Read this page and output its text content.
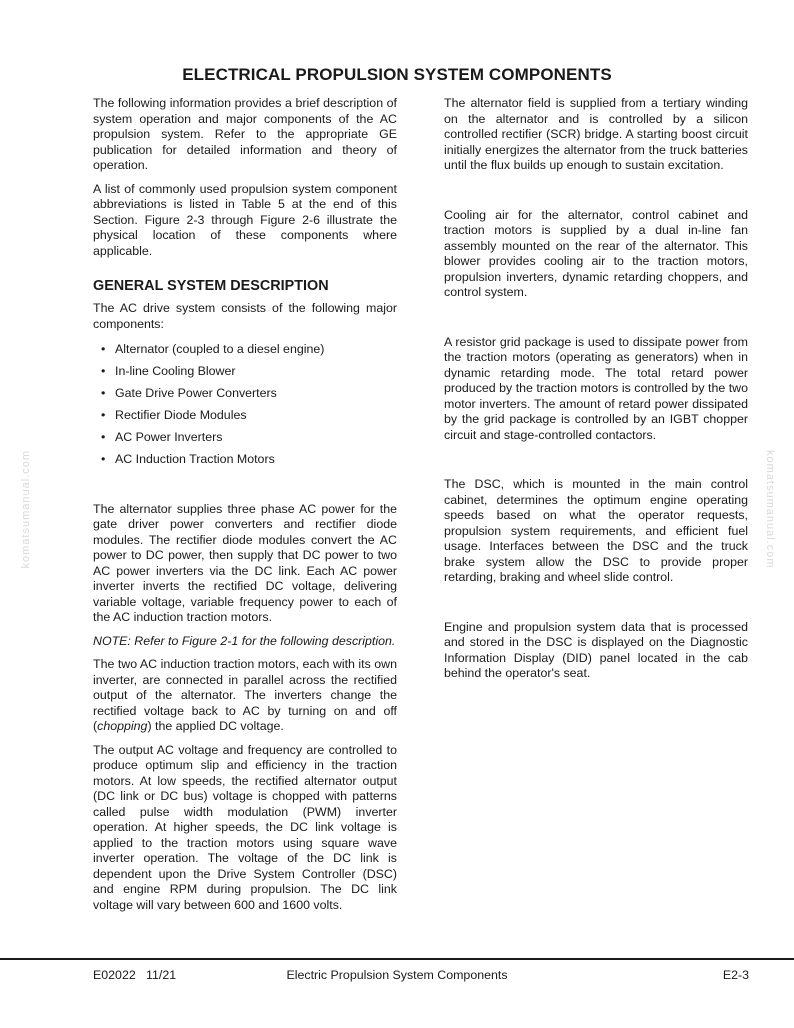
ELECTRICAL PROPULSION SYSTEM COMPONENTS

The following information provides a brief description of system operation and major components of the AC propulsion system. Refer to the appropriate GE publication for detailed information and theory of operation.

A list of commonly used propulsion system component abbreviations is listed in Table 5 at the end of this Section. Figure 2-3 through Figure 2-6 illustrate the physical location of these components where applicable.

GENERAL SYSTEM DESCRIPTION

The AC drive system consists of the following major components:

• Alternator (coupled to a diesel engine)
• In-line Cooling Blower
• Gate Drive Power Converters
• Rectifier Diode Modules
• AC Power Inverters
• AC Induction Traction Motors

The alternator supplies three phase AC power for the gate driver power converters and rectifier diode modules. The rectifier diode modules convert the AC power to DC power, then supply that DC power to two AC power inverters via the DC link. Each AC power inverter inverts the rectified DC voltage, delivering variable voltage, variable frequency power to each of the AC induction traction motors.

NOTE: Refer to Figure 2-1 for the following description.

The two AC induction traction motors, each with its own inverter, are connected in parallel across the rectified output of the alternator. The inverters change the rectified voltage back to AC by turning on and off (chopping) the applied DC voltage.

The output AC voltage and frequency are controlled to produce optimum slip and efficiency in the traction motors. At low speeds, the rectified alternator output (DC link or DC bus) voltage is chopped with patterns called pulse width modulation (PWM) inverter operation. At higher speeds, the DC link voltage is applied to the traction motors using square wave inverter operation. The voltage of the DC link is dependent upon the Drive System Controller (DSC) and engine RPM during propulsion. The DC link voltage will vary between 600 and 1600 volts.

The alternator field is supplied from a tertiary winding on the alternator and is controlled by a silicon controlled rectifier (SCR) bridge. A starting boost circuit initially energizes the alternator from the truck batteries until the flux builds up enough to sustain excitation.

Cooling air for the alternator, control cabinet and traction motors is supplied by a dual in-line fan assembly mounted on the rear of the alternator. This blower provides cooling air to the traction motors, propulsion inverters, dynamic retarding choppers, and control system.

A resistor grid package is used to dissipate power from the traction motors (operating as generators) when in dynamic retarding mode. The total retard power produced by the traction motors is controlled by the two motor inverters. The amount of retard power dissipated by the grid package is controlled by an IGBT chopper circuit and stage-controlled contactors.

The DSC, which is mounted in the main control cabinet, determines the optimum engine operating speeds based on what the operator requests, propulsion system requirements, and efficient fuel usage. Interfaces between the DSC and the truck brake system allow the DSC to provide proper retarding, braking and wheel slide control.

Engine and propulsion system data that is processed and stored in the DSC is displayed on the Diagnostic Information Display (DID) panel located in the cab behind the operator's seat.

komatsumanual.com	komatsumanual.com
E02022   11/21	Electric Propulsion System Components	E2-3
